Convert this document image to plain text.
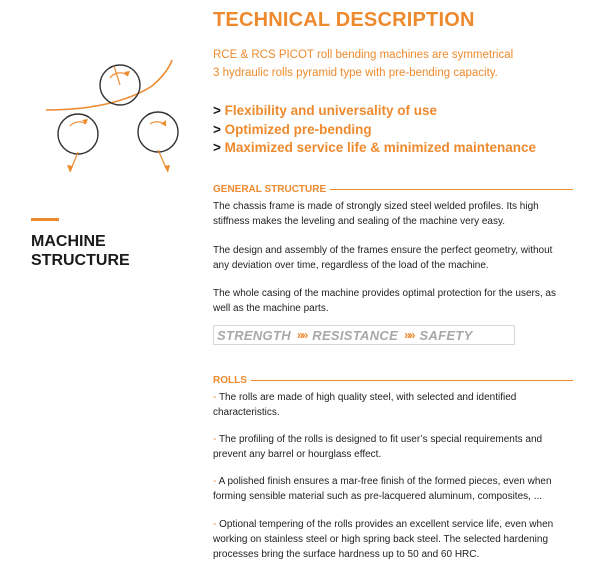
MACHINE
STRUCTURE
TECHNICAL DESCRIPTION
RCE & RCS PICOT roll bending machines are symmetrical
3 hydraulic rolls pyramid type with pre-bending capacity.
> Flexibility and universality of use
> Optimized pre-bending
> Maximized service life & minimized maintenance
GENERAL STRUCTURE
The chassis frame is made of strongly sized steel welded profiles. Its high
stiffness makes the leveling and sealing of the machine very easy.
The design and assembly of the frames ensure the perfect geometry, without
any deviation over time, regardless of the load of the machine.
The whole casing of the machine provides optimal protection for the users, as
well as the machine parts.
STRENGTH »» RESISTANCE »» SAFETY
ROLLS
- The rolls are made of high quality steel, with selected and identified
characteristics.
- The profiling of the rolls is designed to fit user’s special requirements and
prevent any barrel or hourglass effect.
- A polished finish ensures a mar-free finish of the formed pieces, even when
forming sensible material such as pre-lacquered aluminum, composites, ...
- Optional tempering of the rolls provides an excellent service life, even when
working on stainless steel or high spring back steel. The selected hardening
processes bring the surface hardness up to 50 and 60 HRC.
